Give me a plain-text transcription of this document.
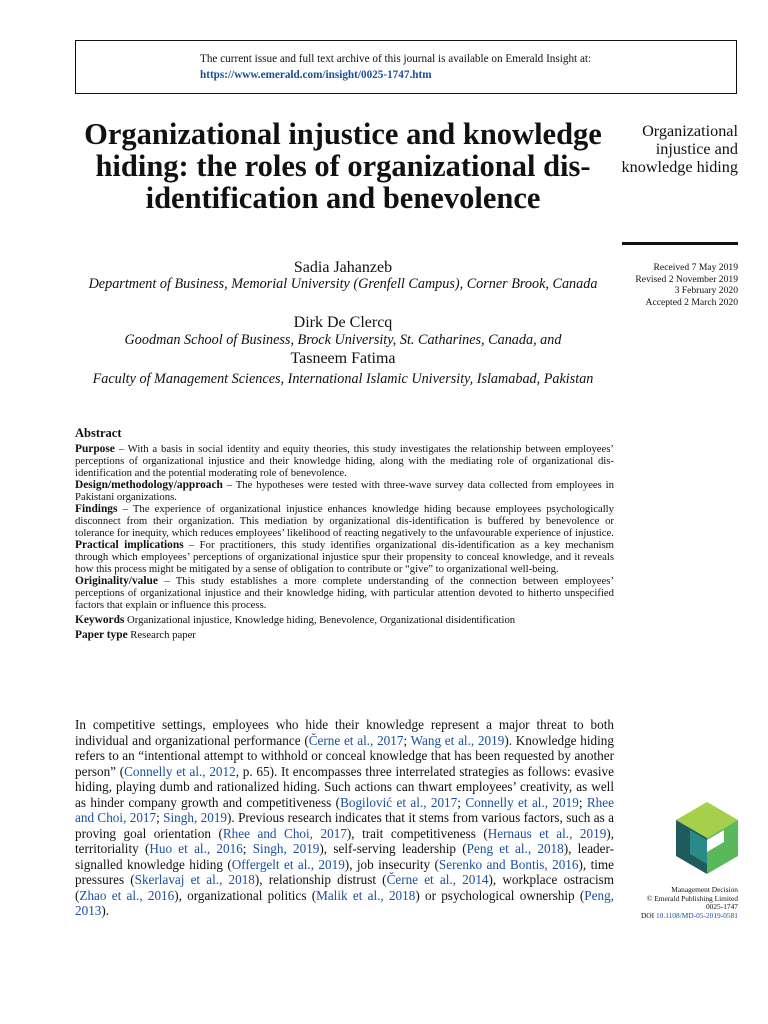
The current issue and full text archive of this journal is available on Emerald Insight at:
https://www.emerald.com/insight/0025-1747.htm
Organizational injustice and knowledge hiding: the roles of organizational dis-identification and benevolence
Sadia Jahanzeb
Department of Business, Memorial University (Grenfell Campus), Corner Brook, Canada
Dirk De Clercq
Goodman School of Business, Brock University, St. Catharines, Canada, and
Tasneem Fatima
Faculty of Management Sciences, International Islamic University, Islamabad, Pakistan
Organizational injustice and knowledge hiding
Received 7 May 2019
Revised 2 November 2019
3 February 2020
Accepted 2 March 2020
Abstract

Purpose – With a basis in social identity and equity theories, this study investigates the relationship between employees’ perceptions of organizational injustice and their knowledge hiding, along with the mediating role of organizational dis-identification and the potential moderating role of benevolence.

Design/methodology/approach – The hypotheses were tested with three-wave survey data collected from employees in Pakistani organizations.

Findings – The experience of organizational injustice enhances knowledge hiding because employees psychologically disconnect from their organization. This mediation by organizational dis-identification is buffered by benevolence or tolerance for inequity, which reduces employees’ likelihood of reacting negatively to the unfavourable experience of injustice.

Practical implications – For practitioners, this study identifies organizational dis-identification as a key mechanism through which employees’ perceptions of organizational injustice spur their propensity to conceal knowledge, and it reveals how this process might be mitigated by a sense of obligation to contribute or “give” to organizational well-being.

Originality/value – This study establishes a more complete understanding of the connection between employees’ perceptions of organizational injustice and their knowledge hiding, with particular attention devoted to hitherto unspecified factors that explain or influence this process.

Keywords Organizational injustice, Knowledge hiding, Benevolence, Organizational disidentification

Paper type Research paper

In competitive settings, employees who hide their knowledge represent a major threat to both individual and organizational performance (Černe et al., 2017; Wang et al., 2019). Knowledge hiding refers to an “intentional attempt to withhold or conceal knowledge that has been requested by another person” (Connelly et al., 2012, p. 65). It encompasses three interrelated strategies as follows: evasive hiding, playing dumb and rationalized hiding. Such actions can thwart employees’ creativity, as well as hinder company growth and competitiveness (Bogilović et al., 2017; Connelly et al., 2019; Rhee and Choi, 2017; Singh, 2019). Previous research indicates that it stems from various factors, such as a proving goal orientation (Rhee and Choi, 2017), trait competitiveness (Hernaus et al., 2019), territoriality (Huo et al., 2016; Singh, 2019), self-serving leadership (Peng et al., 2018), leader-signalled knowledge hiding (Offergelt et al., 2019), job insecurity (Serenko and Bontis, 2016), time pressures (Skerlavaj et al., 2018), relationship distrust (Černe et al., 2014), workplace ostracism (Zhao et al., 2016), organizational politics (Malik et al., 2018) or psychological ownership (Peng, 2013).

Management Decision
© Emerald Publishing Limited
0025-1747
DOI 10.1108/MD-05-2019-0581
